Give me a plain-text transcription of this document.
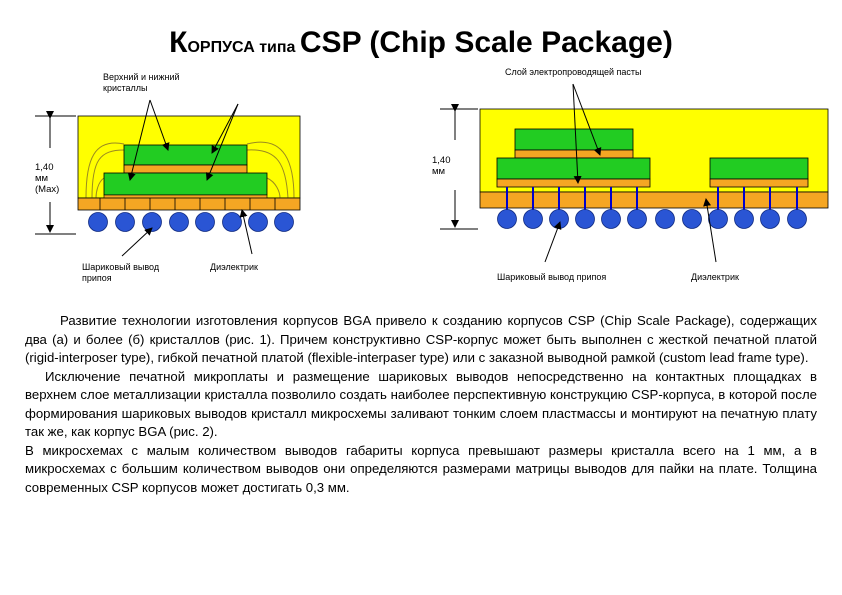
КОРПУСА типа CSP (Chip Scale Package)
Верхний и нижний
кристаллы
1,40
мм
(Max)
Шариковый вывод
припоя
Диэлектрик
Слой электропроводящей пасты
1,40
мм
Шариковый вывод припоя	Диэлектрик

Развитие технологии изготовления корпусов BGA привело к созданию корпусов CSP (Chip Scale Package), содержащих два (а) и более (б) кристаллов (рис. 1). Причем конструктивно CSP-корпус может быть выполнен с жесткой печатной платой (rigid-interposer type), гибкой печатной платой (flexible-interpaser type) или с заказной выводной рамкой (custom lead frame type).

Исключение печатной микроплаты и размещение шариковых выводов непосредственно на контактных площадках в верхнем слое металлизации кристалла позволило создать наиболее перспективную конструкцию CSP-корпуса, в которой после формирования шариковых выводов кристалл микросхемы заливают тонким слоем пластмассы и монтируют на печатную плату так же, как корпус BGA (рис. 2).

В микросхемах с малым количеством выводов габариты корпуса превышают размеры кристалла всего на 1 мм, а в микросхемах с большим количеством выводов они определяются размерами матрицы выводов для пайки на плате. Толщина современных CSP корпусов может достигать 0,3 мм.
